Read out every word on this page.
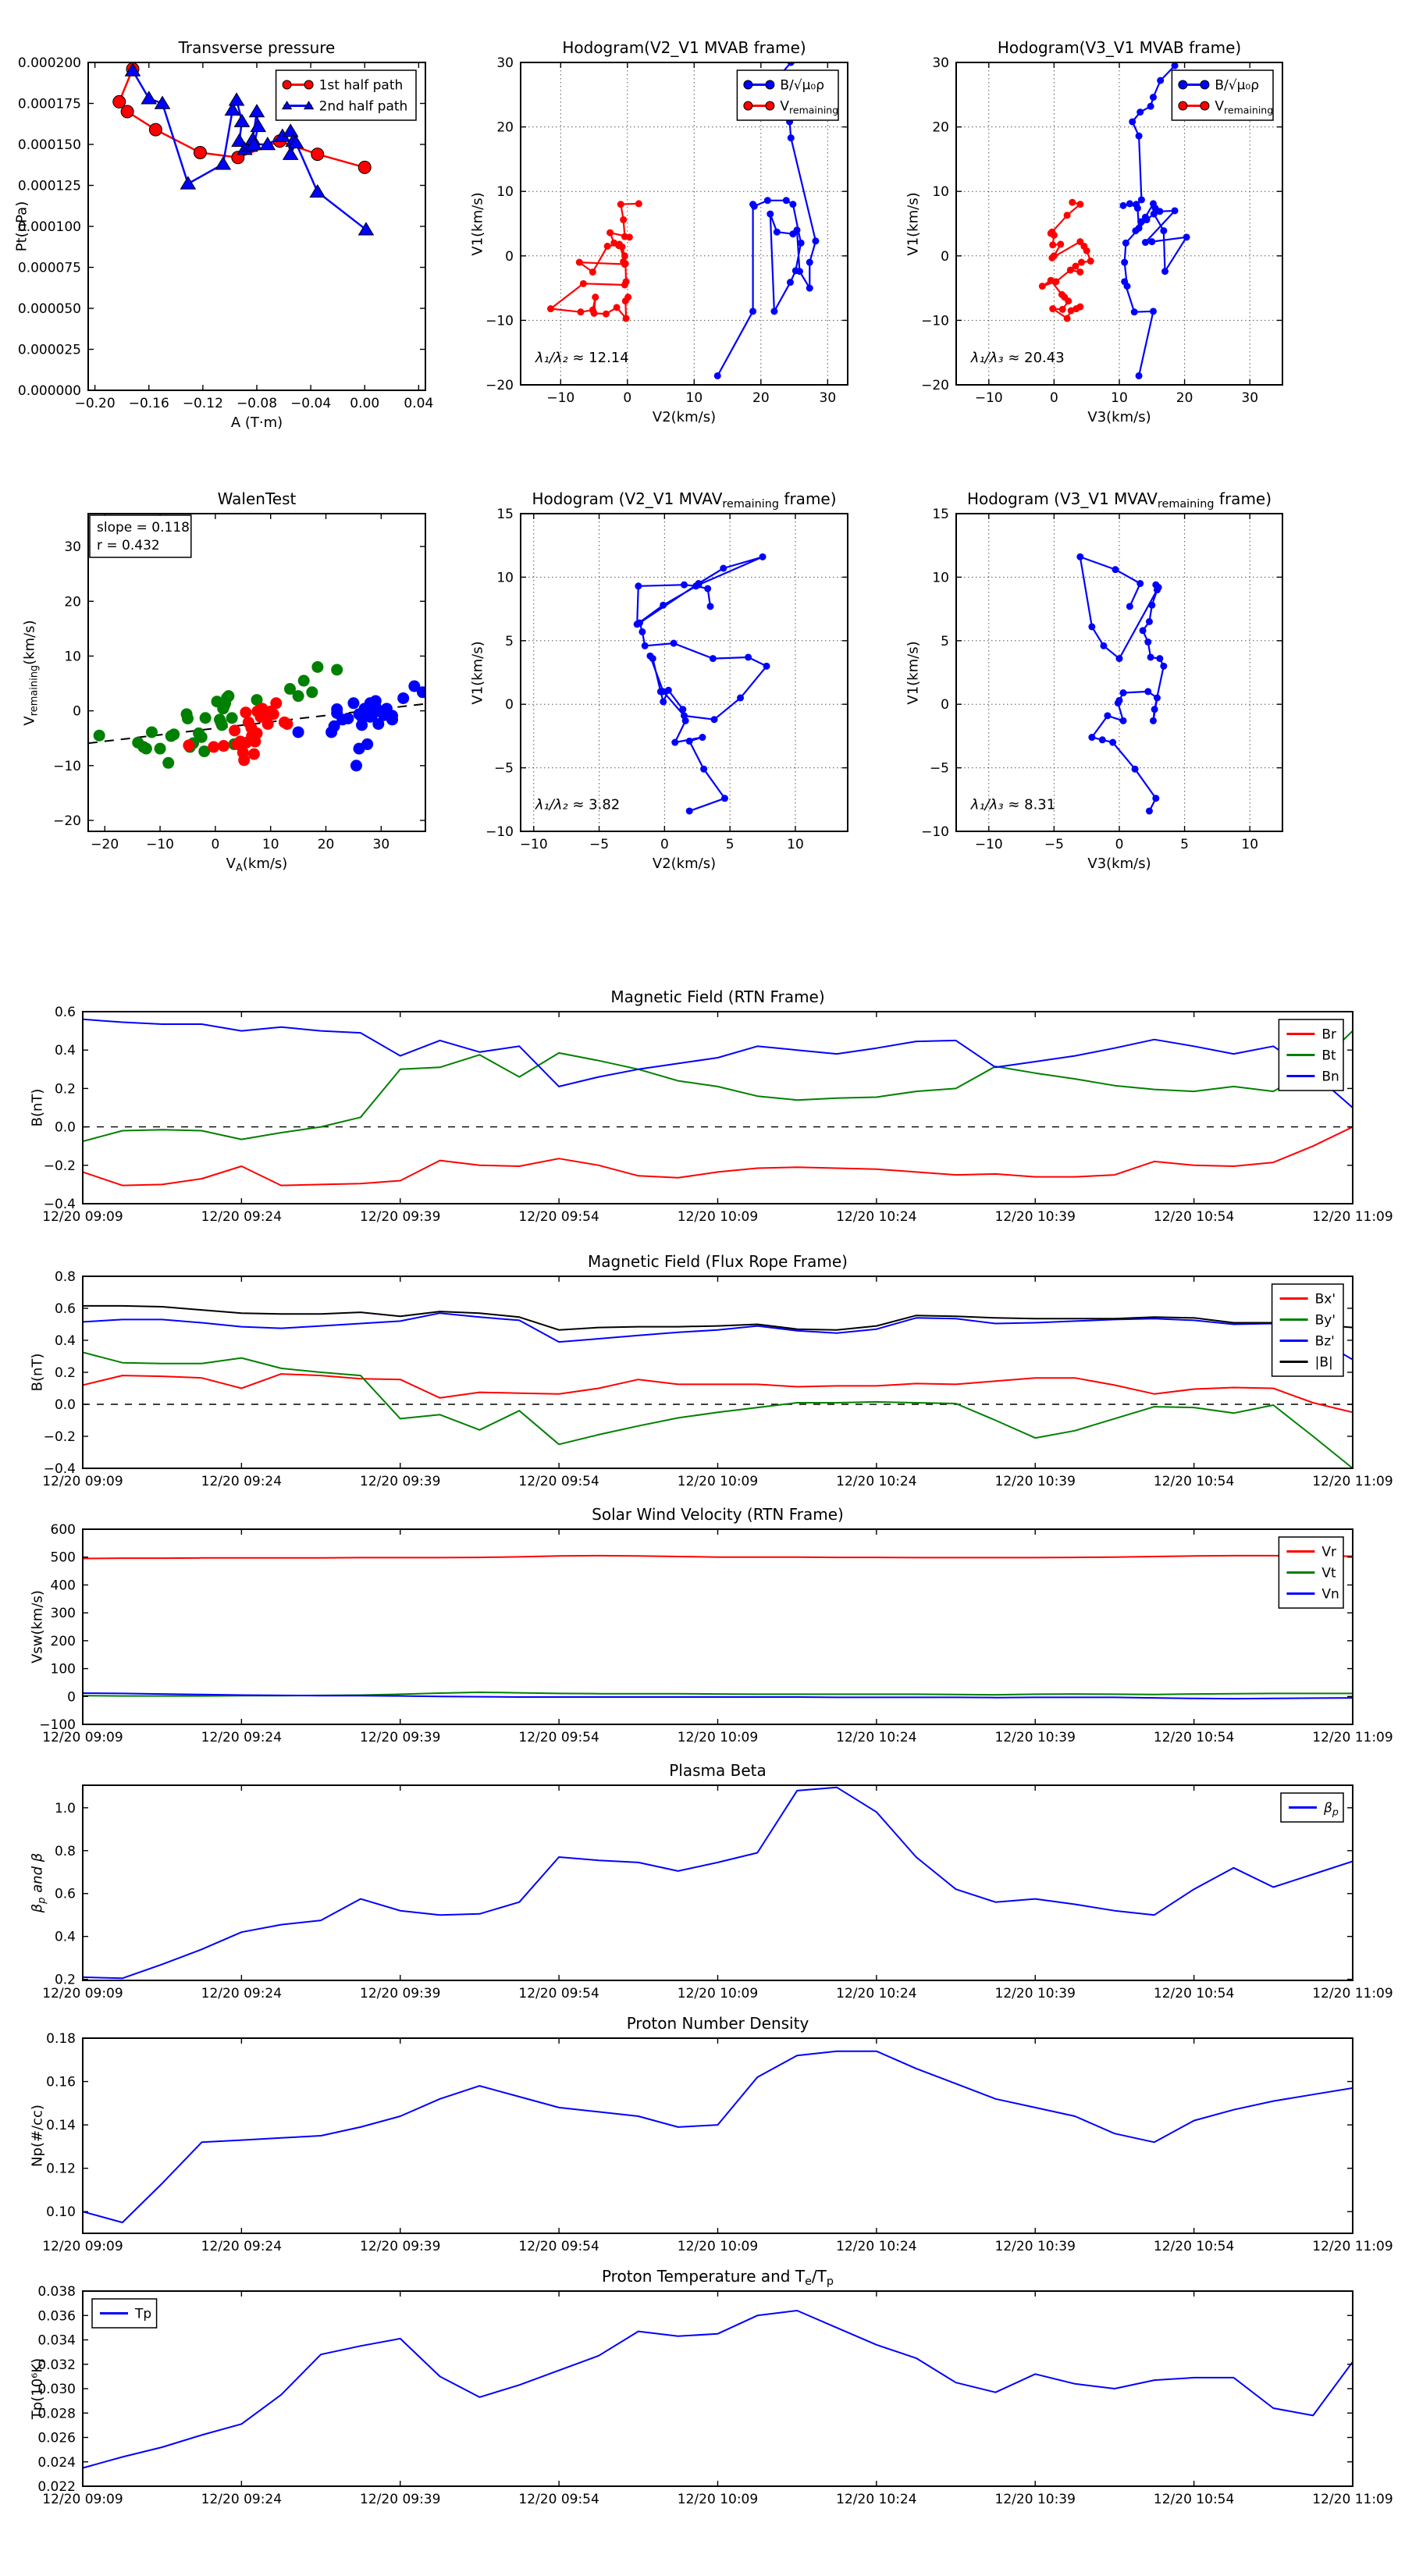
Transverse pressure
Pt(nPa)
A (T·m)
−0.20 −0.16 −0.12 −0.08 −0.04 0.00 0.04
0.000000
0.000025
0.000050
0.000075
0.000100
0.000125
0.000150
0.000175
0.000200
1st half path
2nd half path
Hodogram(V2_V1 MVAB frame)
V1(km/s)
V2(km/s)
−10	0	10	20	30
−20
−10
0
10
20
30
λ₁/λ₂ ≈ 12.14
B/√μ₀ρ
$V_{remaining}$
Hodogram(V3_V1 MVAB frame)
V1(km/s)
V3(km/s)
−10	0	10	20	30
−20
−10
0
10
20
30
λ₁/λ₃ ≈ 20.43
B/√μ₀ρ
$V_{remaining}$
WalenTest
$V_{remaining}(km/s)$
$V_A(km/s)$
−20 −10	0	10	20	30
−20
−10
0
10
20
30
slope = 0.118
r = 0.432
Hodogram (V2_V1 $MVAV_{remaining}$ frame)
V1(km/s)
V2(km/s)
−10	−5	0	5	10
−10
−5
0
5
10
15
λ₁/λ₂ ≈ 3.82
Hodogram (V3_V1 $MVAV_{remaining}$ frame)
V1(km/s)
V3(km/s)
−10	−5	0	5	10
−10
−5
0
5
10
15
λ₁/λ₃ ≈ 8.31
Magnetic Field (RTN Frame)
B(nT)
12/20 09:09	12/20 09:24	12/20 09:39	12/20 09:54	12/20 10:09	12/20 10:24	12/20 10:39	12/20 10:54	12/20 11:09
−0.4
−0.2
0.0
0.2
0.4
0.6
Br
Bt
Bn
Magnetic Field (Flux Rope Frame)
B(nT)
12/20 09:09	12/20 09:24	12/20 09:39	12/20 09:54	12/20 10:09	12/20 10:24	12/20 10:39	12/20 10:54	12/20 11:09
−0.4
−0.2
0.0
0.2
0.4
0.6
0.8
Bx'
By'
Bz'
|B|
Solar Wind Velocity (RTN Frame)
Vsw(km/s)
12/20 09:09	12/20 09:24	12/20 09:39	12/20 09:54	12/20 10:09	12/20 10:24	12/20 10:39	12/20 10:54	12/20 11:09
−100
0
100
200
300
400
500
600
Vr
Vt
Vn
Plasma Beta
$\beta_p$ and β
12/20 09:09	12/20 09:24	12/20 09:39	12/20 09:54	12/20 10:09	12/20 10:24	12/20 10:39	12/20 10:54	12/20 11:09
0.2
0.4
0.6
0.8
1.0	$\beta_p$
Proton Number Density
Np(#/cc)
12/20 09:09	12/20 09:24	12/20 09:39	12/20 09:54	12/20 10:09	12/20 10:24	12/20 10:39	12/20 10:54	12/20 11:09
0.10
0.12
0.14
0.16
0.18
Proton Temperature and $T_e/T_p$
Tp(10⁶K)
12/20 09:09	12/20 09:24	12/20 09:39	12/20 09:54	12/20 10:09	12/20 10:24	12/20 10:39	12/20 10:54	12/20 11:09
0.022
0.024
0.026
0.028
0.030
0.032
0.034
0.036
0.038
Tp
